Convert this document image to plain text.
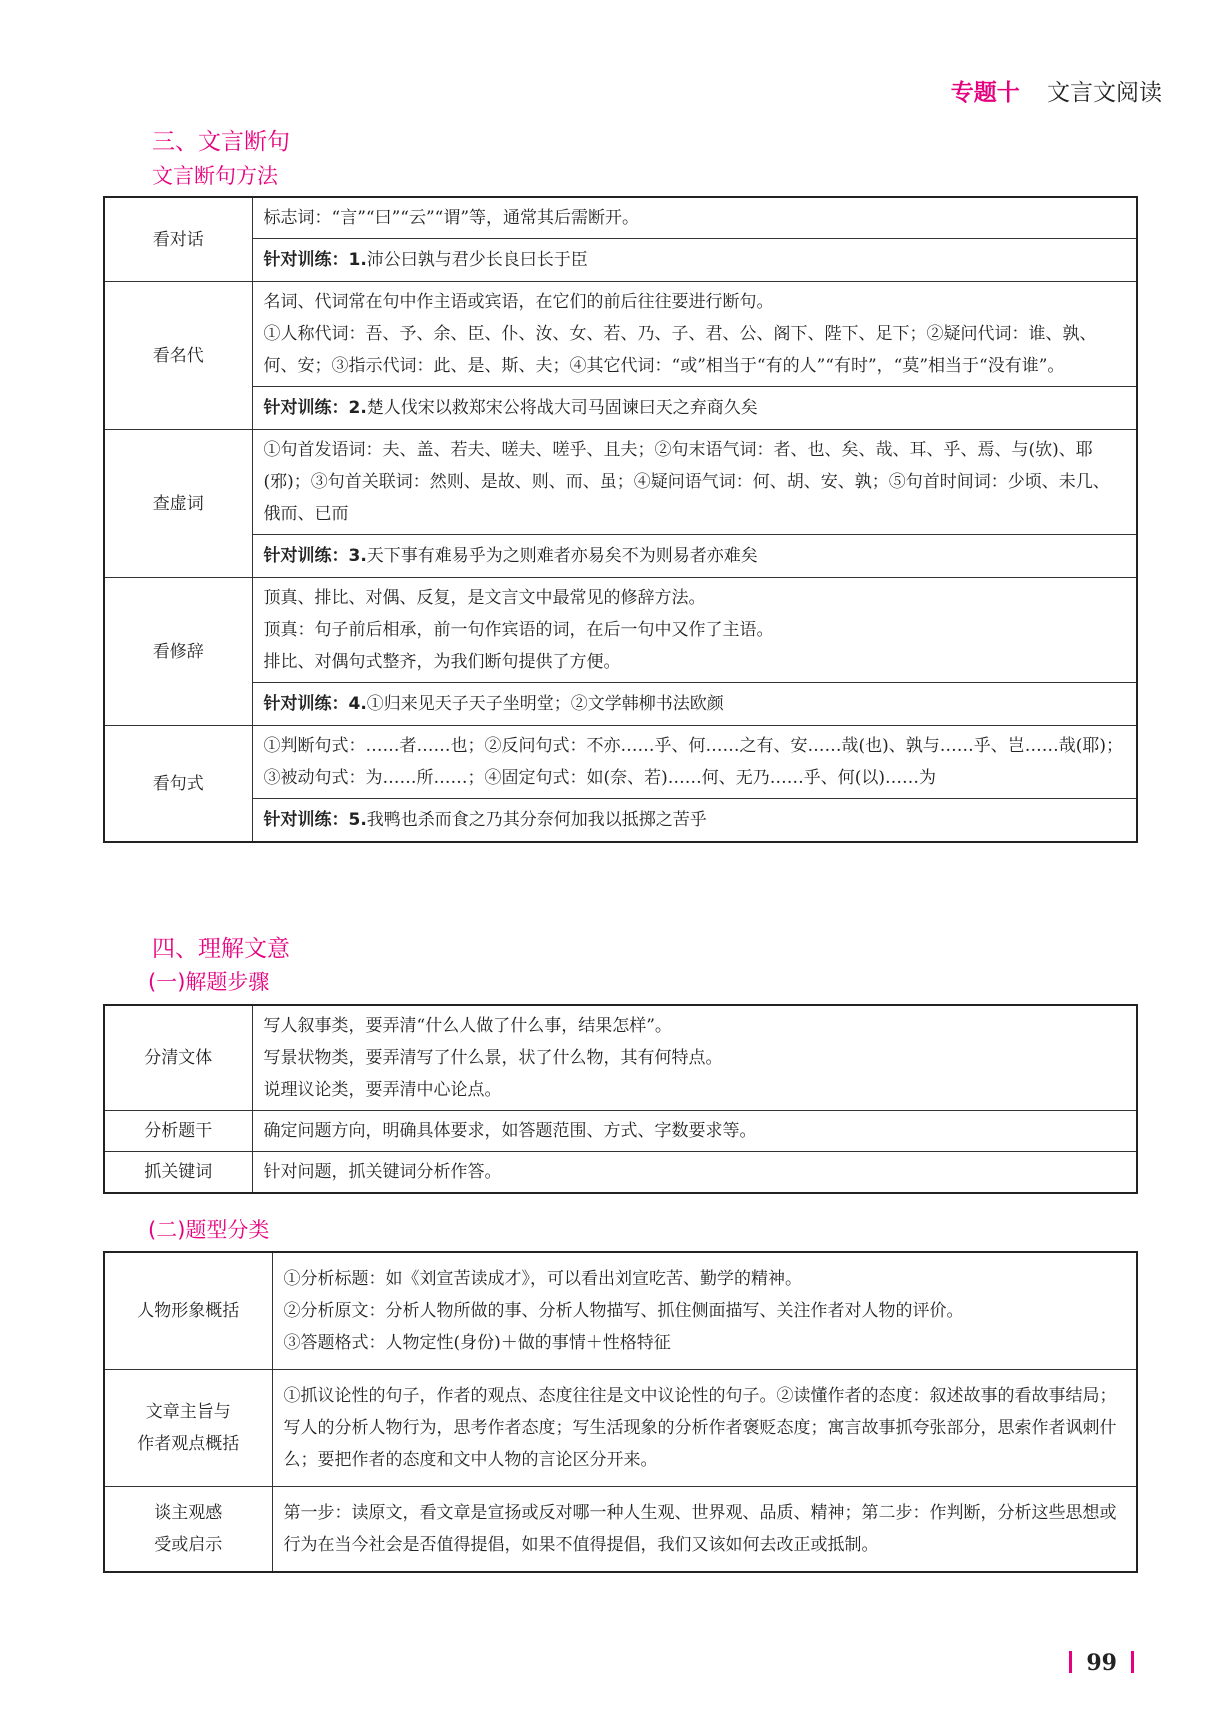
专题十 文言文阅读
三、文言断句
文言断句方法
看对话	标志词：“言”“曰”“云”“谓”等，通常其后需断开。

	针对训练：1.沛公曰孰与君少长良曰长于臣
看名代	名词、代词常在句中作主语或宾语，在它们的前后往往要进行断句。
①人称代词：吾、予、余、臣、仆、汝、女、若、乃、子、君、公、阁下、陛下、足下；②疑问代词：谁、孰、何、安；③指示代词：此、是、斯、夫；④其它代词：“或”相当于“有的人”“有时”，“莫”相当于“没有谁”。

	针对训练：2.楚人伐宋以救郑宋公将战大司马固谏曰天之弃商久矣
查虚词	①句首发语词：夫、盖、若夫、嗟夫、嗟乎、且夫；②句末语气词：者、也、矣、哉、耳、乎、焉、与(欤)、耶(邪)；③句首关联词：然则、是故、则、而、虽；④疑问语气词：何、胡、安、孰；⑤句首时间词：少顷、未几、俄而、已而

	针对训练：3.天下事有难易乎为之则难者亦易矣不为则易者亦难矣
看修辞	顶真、排比、对偶、反复，是文言文中最常见的修辞方法。
顶真：句子前后相承，前一句作宾语的词，在后一句中又作了主语。
排比、对偶句式整齐，为我们断句提供了方便。

	针对训练：4.①归来见天子天子坐明堂；②文学韩柳书法欧颜
看句式	①判断句式：……者……也；②反问句式：不亦……乎、何……之有、安……哉(也)、孰与……乎、岂……哉(耶)；③被动句式：为……所……；④固定句式：如(奈、若)……何、无乃……乎、何(以)……为

	针对训练：5.我鸭也杀而食之乃其分奈何加我以抵掷之苦乎
四、理解文意
(一)解题步骤
分清文体	写人叙事类，要弄清“什么人做了什么事，结果怎样”。
写景状物类，要弄清写了什么景，状了什么物，其有何特点。
说理议论类，要弄清中心论点。

分析题干	确定问题方向，明确具体要求，如答题范围、方式、字数要求等。

抓关键词	针对问题，抓关键词分析作答。
(二)题型分类
人物形象概括	①分析标题：如《刘宣苦读成才》，可以看出刘宣吃苦、勤学的精神。
②分析原文：分析人物所做的事、分析人物描写、抓住侧面描写、关注作者对人物的评价。
③答题格式：人物定性(身份)＋做的事情＋性格特征

文章主旨与
作者观点概括	①抓议论性的句子，作者的观点、态度往往是文中议论性的句子。②读懂作者的态度：叙述故事的看故事结局；写人的分析人物行为，思考作者态度；写生活现象的分析作者褒贬态度；寓言故事抓夸张部分，思索作者讽刺什么；要把作者的态度和文中人物的言论区分开来。

谈主观感
受或启示	第一步：读原文，看文章是宣扬或反对哪一种人生观、世界观、品质、精神；第二步：作判断，分析这些思想或行为在当今社会是否值得提倡，如果不值得提倡，我们又该如何去改正或抵制。
99
